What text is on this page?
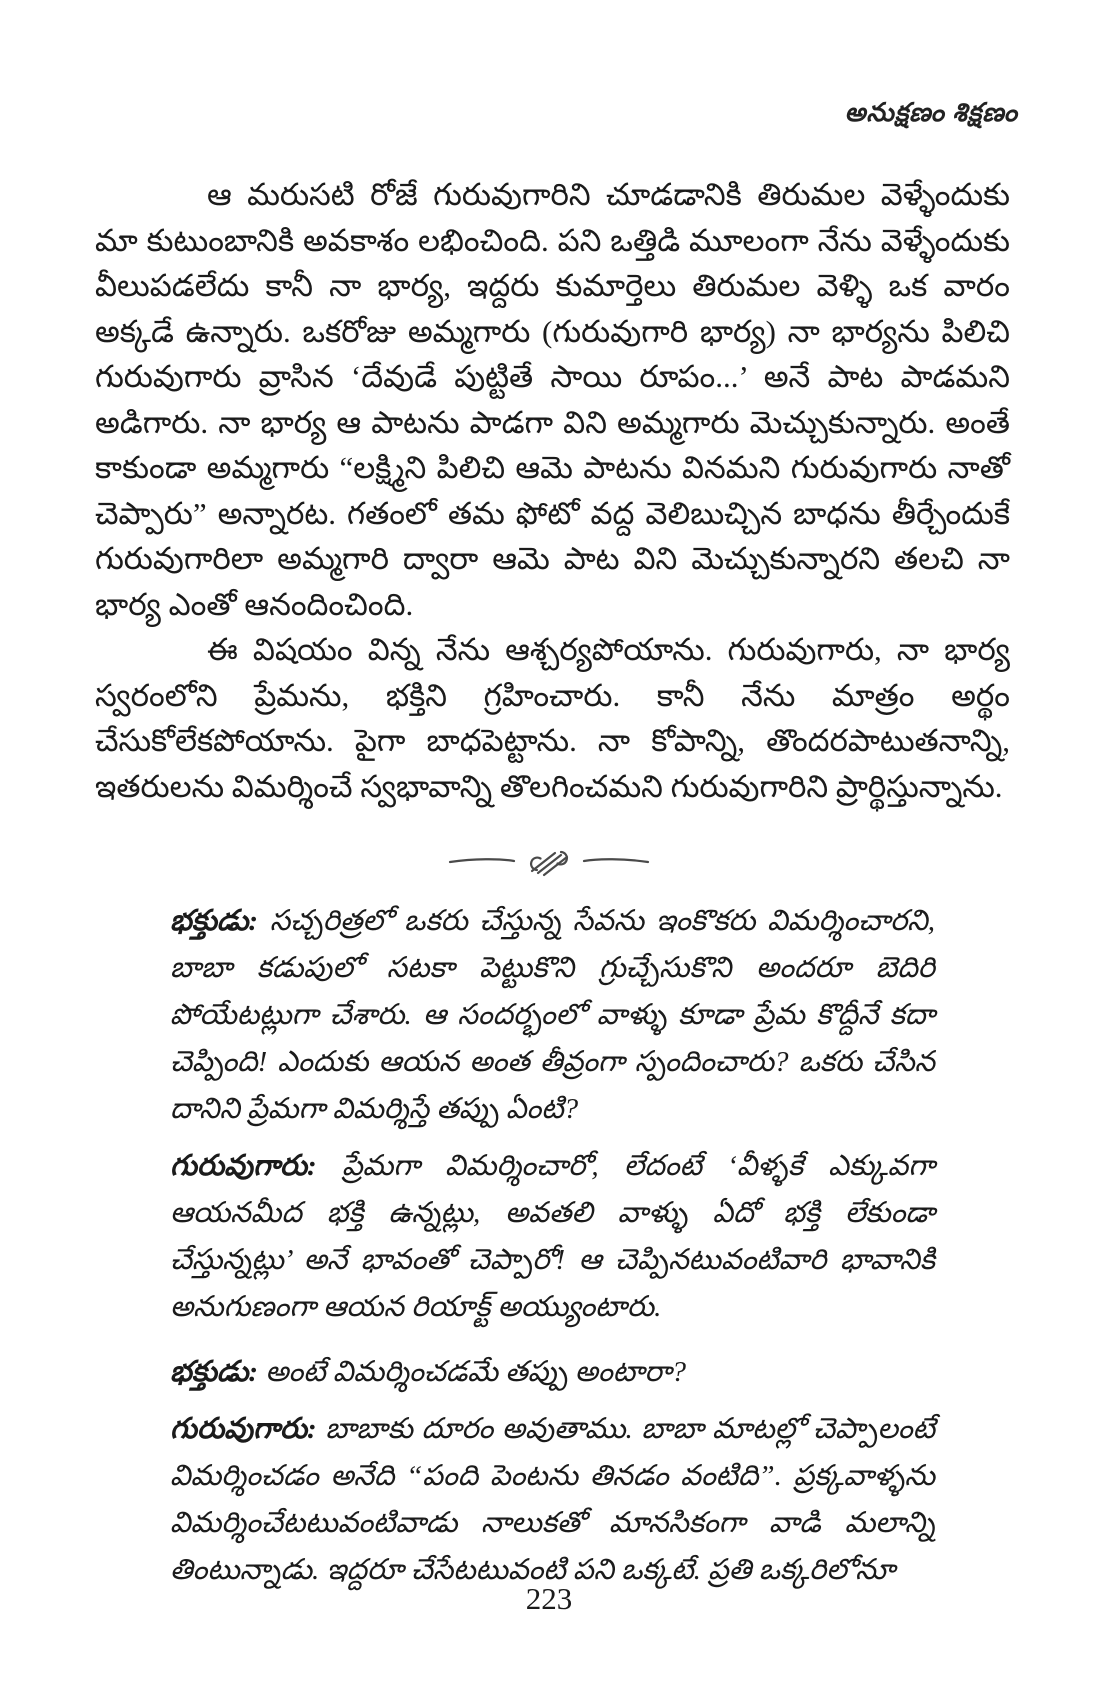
అనుక్షణం శిక్షణం

ఆ మరుసటి రోజే గురువుగారిని చూడడానికి తిరుమల వెళ్ళేందుకు మా కుటుంబానికి అవకాశం లభించింది. పని ఒత్తిడి మూలంగా నేను వెళ్ళేందుకు వీలుపడలేదు కానీ నా భార్య, ఇద్దరు కుమార్తెలు తిరుమల వెళ్ళి ఒక వారం అక్కడే ఉన్నారు. ఒకరోజు అమ్మగారు (గురువుగారి భార్య) నా భార్యను పిలిచి గురువుగారు వ్రాసిన ‘దేవుడే పుట్టితే సాయి రూపం...’ అనే పాట పాడమని అడిగారు. నా భార్య ఆ పాటను పాడగా విని అమ్మగారు మెచ్చుకున్నారు. అంతే కాకుండా అమ్మగారు “లక్ష్మిని పిలిచి ఆమె పాటను వినమని గురువుగారు నాతో చెప్పారు” అన్నారట. గతంలో తమ ఫోటో వద్ద వెలిబుచ్చిన బాధను తీర్చేందుకే గురువుగారిలా అమ్మగారి ద్వారా ఆమె పాట విని మెచ్చుకున్నారని తలచి నా భార్య ఎంతో ఆనందించింది.

ఈ విషయం విన్న నేను ఆశ్చర్యపోయాను. గురువుగారు, నా భార్య స్వరంలోని ప్రేమను, భక్తిని గ్రహించారు. కానీ నేను మాత్రం అర్థం చేసుకోలేకపోయాను. పైగా బాధపెట్టాను. నా కోపాన్ని, తొందరపాటుతనాన్ని, ఇతరులను విమర్శించే స్వభావాన్ని తొలగించమని గురువుగారిని ప్రార్థిస్తున్నాను.

భక్తుడు: సచ్చరిత్రలో ఒకరు చేస్తున్న సేవను ఇంకొకరు విమర్శించారని, బాబా కడుపులో సటకా పెట్టుకొని గ్రుచ్చేసుకొని అందరూ బెదిరి పోయేటట్లుగా చేశారు. ఆ సందర్భంలో వాళ్ళు కూడా ప్రేమ కొద్దీనే కదా చెప్పింది! ఎందుకు ఆయన అంత తీవ్రంగా స్పందించారు? ఒకరు చేసిన దానిని ప్రేమగా విమర్శిస్తే తప్పు ఏంటి?

గురువుగారు: ప్రేమగా విమర్శించారో, లేదంటే ‘వీళ్ళకే ఎక్కువగా ఆయనమీద భక్తి ఉన్నట్లు, అవతలి వాళ్ళు ఏదో భక్తి లేకుండా చేస్తున్నట్లు’ అనే భావంతో చెప్పారో! ఆ చెప్పినటువంటివారి భావానికి అనుగుణంగా ఆయన రియాక్ట్ అయ్యుంటారు.

భక్తుడు: అంటే విమర్శించడమే తప్పు అంటారా?

గురువుగారు: బాబాకు దూరం అవుతాము. బాబా మాటల్లో చెప్పాలంటే విమర్శించడం అనేది “పంది పెంటను తినడం వంటిది”. ప్రక్కవాళ్ళను విమర్శించేటటువంటివాడు నాలుకతో మానసికంగా వాడి మలాన్ని తింటున్నాడు. ఇద్దరూ చేసేటటువంటి పని ఒక్కటే. ప్రతి ఒక్కరిలోనూ

223
